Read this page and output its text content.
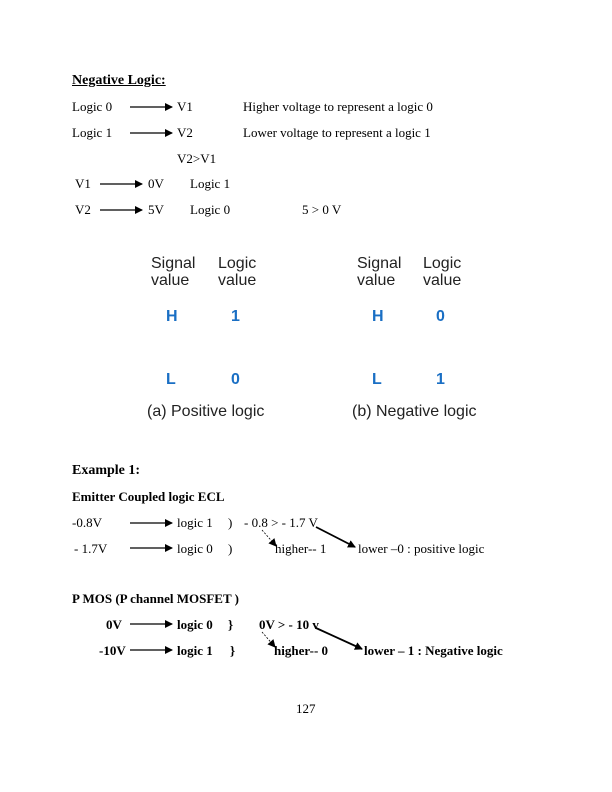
Negative Logic:
Logic 0	V1	Higher voltage to represent a logic 0
Logic 1	V2	Lower voltage to represent a logic 1
V2>V1
V1	0V Logic 1
V2	5V Logic 0	5 > 0 V
Signal
value
Logic
value
H	1
L	0
(a) Positive logic
Signal
value
Logic
value
H	0
L	1
(b) Negative logic
Example 1:
Emitter Coupled logic ECL
-0.8V	logic 1 ) - 0.8 > - 1.7 V
- 1.7V	logic 0 )	higher-- 1 lower –0 : positive logic
P MOS (P channel MOSFET )
0V	logic 0 } 0V > - 10 v
-10V	logic 1 }	higher-- 0	lower – 1 : Negative logic
127
